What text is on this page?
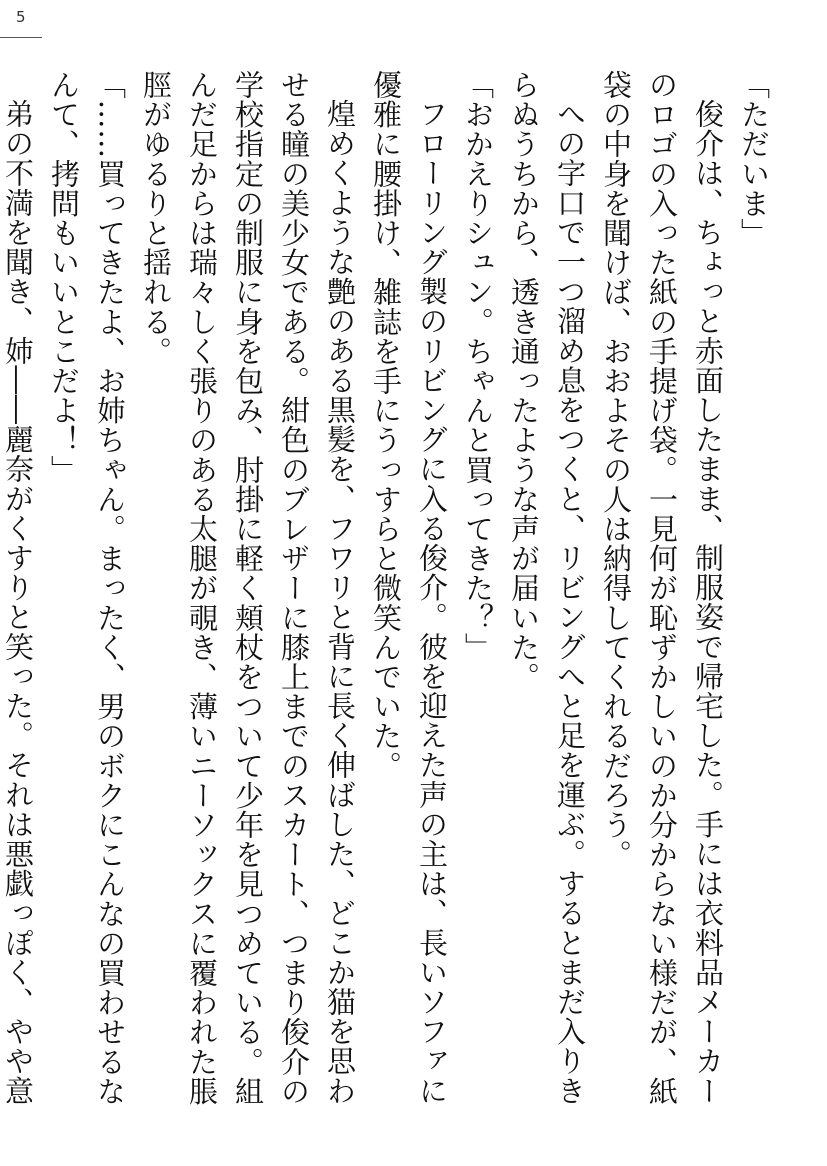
5

「ただいま」

俊介は、ちょっと赤面したまま、制服姿で帰宅した。手には衣料品メーカーのロゴの入った紙の手提げ袋。一見何が恥ずかしいのか分からない様だが、紙袋の中身を聞けば、おおよその人は納得してくれるだろう。

への字口で一つ溜め息をつくと、リビングへと足を運ぶ。するとまだ入りきらぬうちから、透き通ったような声が届いた。

「おかえりシュン。ちゃんと買ってきた？」

フローリング製のリビングに入る俊介。彼を迎えた声の主は、長いソファに優雅に腰掛け、雑誌を手にうっすらと微笑んでいた。

煌めくような艶のある黒髪を、フワリと背に長く伸ばした、どこか猫を思わせる瞳の美少女である。紺色のブレザーに膝上までのスカート、つまり俊介の学校指定の制服に身を包み、肘掛に軽く頬杖をついて少年を見つめている。組んだ足からは瑞々しく張りのある太腿が覗き、薄いニーソックスに覆われた脹脛がゆるりと揺れる。

「……買ってきたよ、お姉ちゃん。まったく、男のボクにこんなの買わせるなんて、拷問もいいとこだよ！」

弟の不満を聞き、姉――麗奈がくすりと笑った。それは悪戯っぽく、やや意
